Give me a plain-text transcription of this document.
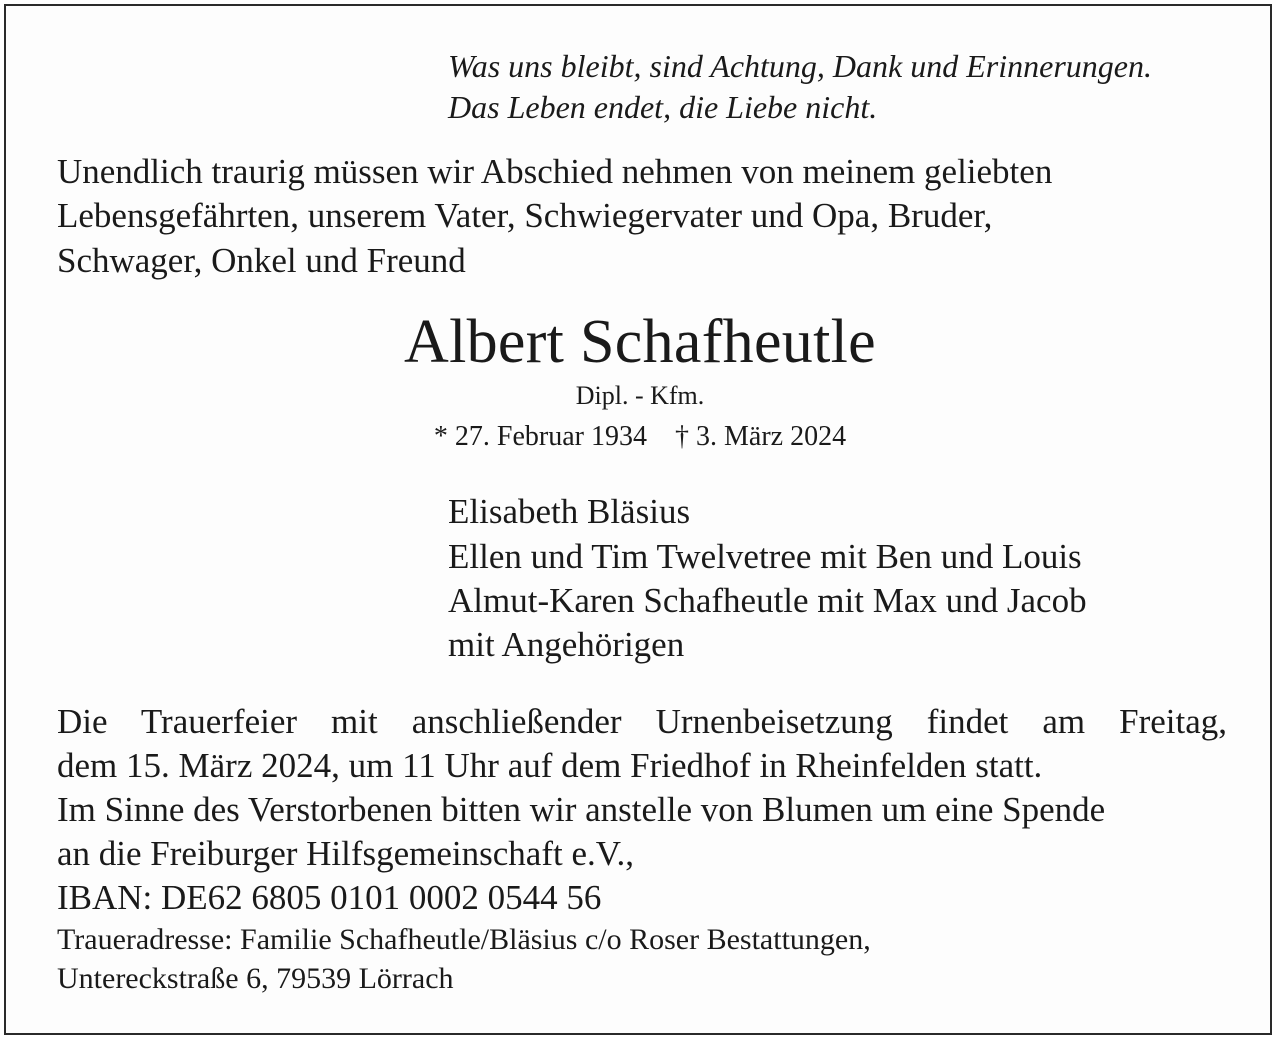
Was uns bleibt, sind Achtung, Dank und Erinnerungen.
Das Leben endet, die Liebe nicht.
Unendlich traurig müssen wir Abschied nehmen von meinem geliebten
Lebensgefährten, unserem Vater, Schwiegervater und Opa, Bruder,
Schwager, Onkel und Freund
Albert Schafheutle
Dipl. - Kfm.
* 27. Februar 1934 † 3. März 2024
Elisabeth Bläsius
Ellen und Tim Twelvetree mit Ben und Louis
Almut-Karen Schafheutle mit Max und Jacob
mit Angehörigen
Die Trauerfeier mit anschließender Urnenbeisetzung findet am Freitag,
dem 15. März 2024, um 11 Uhr auf dem Friedhof in Rheinfelden statt.
Im Sinne des Verstorbenen bitten wir anstelle von Blumen um eine Spende
an die Freiburger Hilfsgemeinschaft e.V.,
IBAN: DE62 6805 0101 0002 0544 56
Traueradresse: Familie Schafheutle/Bläsius c/o Roser Bestattungen,
Untereckstraße 6, 79539 Lörrach
